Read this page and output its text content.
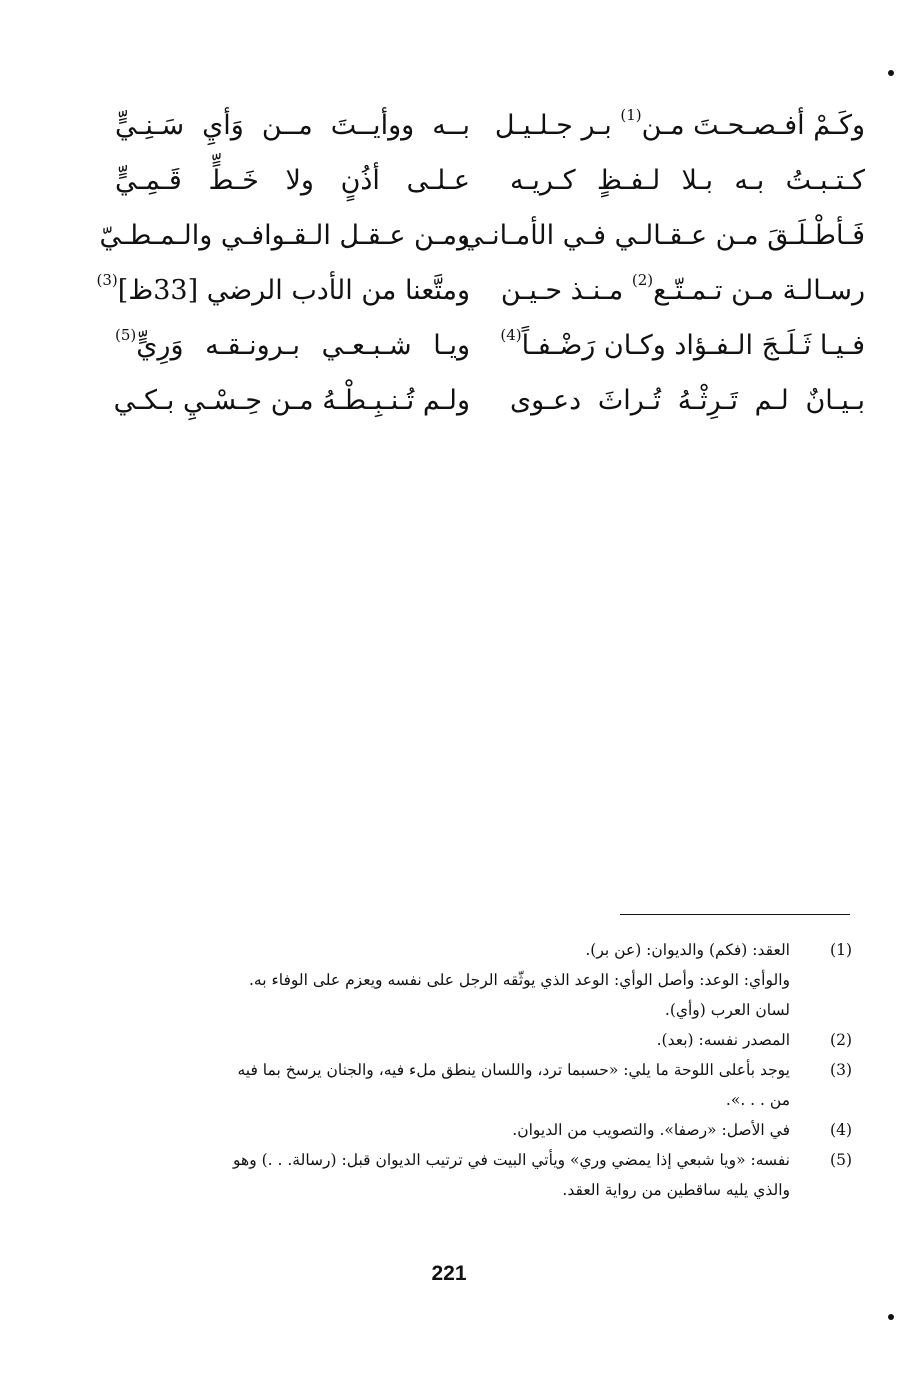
وكَـمْ أفـصـحـتَ مـن$^{(1)}$ بـر جـلـيـل
بــه ووأيــتَ مــن وَأيِ سَـنِـيٍّ
كـتـبـتُ بـه بـلا لـفـظٍ كـريـه
عـلـى أذُنٍ ولا خَـطٍّ قَـمِـيٍّ
فَـأطْـلَـقَ مـن عـقـالـي فـي الأمـانـي
ومـن عـقـل الـقـوافـي والـمـطـيّ
رسـالـة مـن تـمـتّـع$^{(2)}$ مـنـذ حـيـن
ومتَّعنا من الأدب الرضي [33ظ]$^{(3)}$
فـيـا ثَـلَـجَ الـفـؤاد وكـان رَضْـفـاً$^{(4)}$
ويـا شـبـعـي بـرونـقـه وَرِيٍّ$^{(5)}$
بـيـانٌ لـم تَـرِثْـهُ تُـراثَ دعـوى
ولـم تُـنـبِـطْـهُ مـن حِـسْـيِ بـكـي
(1)
العقد: (فكم) والديوان: (عن بر).
والوأي: الوعد: وأصل الوأي: الوعد الذي يوثّقه الرجل على نفسه ويعزم على الوفاء به.
لسان العرب (وأي).
(2)
المصدر نفسه: (بعد).
(3)
يوجد بأعلى اللوحة ما يلي: «حسبما ترد، واللسان ينطق ملء فيه، والجنان يرسخ بما فيه
من . . .».
(4)
في الأصل: «رصفا». والتصويب من الديوان.
(5)
نفسه: «ويا شبعي إذا يمضي وري» ويأتي البيت في ترتيب الديوان قبل: (رسالة. . .) وهو
والذي يليه ساقطين من رواية العقد.
221
